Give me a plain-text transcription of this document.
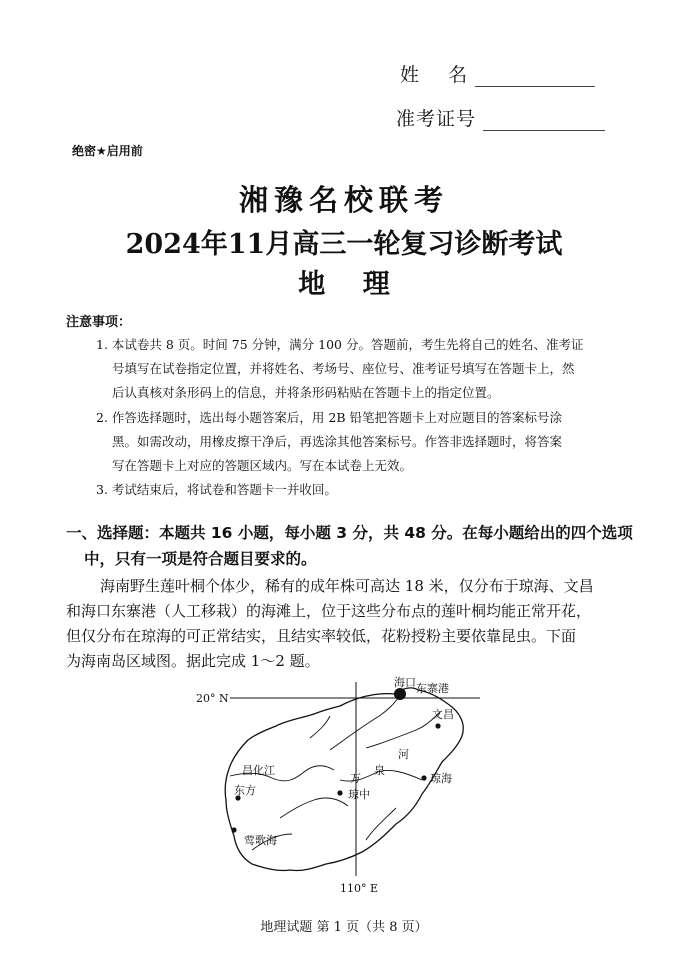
姓    名
准考证号
绝密★启用前
湘豫名校联考
2024年11月高三一轮复习诊断考试
地    理
注意事项：
1. 本试卷共 8 页。时间 75 分钟，满分 100 分。答题前，考生先将自己的姓名、准考证
号填写在试卷指定位置，并将姓名、考场号、座位号、准考证号填写在答题卡上，然
后认真核对条形码上的信息，并将条形码粘贴在答题卡上的指定位置。
2. 作答选择题时，选出每小题答案后，用 2B 铅笔把答题卡上对应题目的答案标号涂
黑。如需改动，用橡皮擦干净后，再选涂其他答案标号。作答非选择题时，将答案
写在答题卡上对应的答题区域内。写在本试卷上无效。
3. 考试结束后，将试卷和答题卡一并收回。
一、选择题：本题共 16 小题，每小题 3 分，共 48 分。在每小题给出的四个选项
中，只有一项是符合题目要求的。
海南野生莲叶桐个体少，稀有的成年株可高达 18 米，仅分布于琼海、文昌
和海口东寨港（人工移栽）的海滩上，位于这些分布点的莲叶桐均能正常开花，
但仅分布在琼海的可正常结实，且结实率较低，花粉授粉主要依靠昆虫。下面
为海南岛区域图。据此完成 1～2 题。
20° N
110° E
海口 东寨港
文昌
昌化江
东方
万
泉
河
琼中
琼海
莺歌海
地理试题 第 1 页（共 8 页）
